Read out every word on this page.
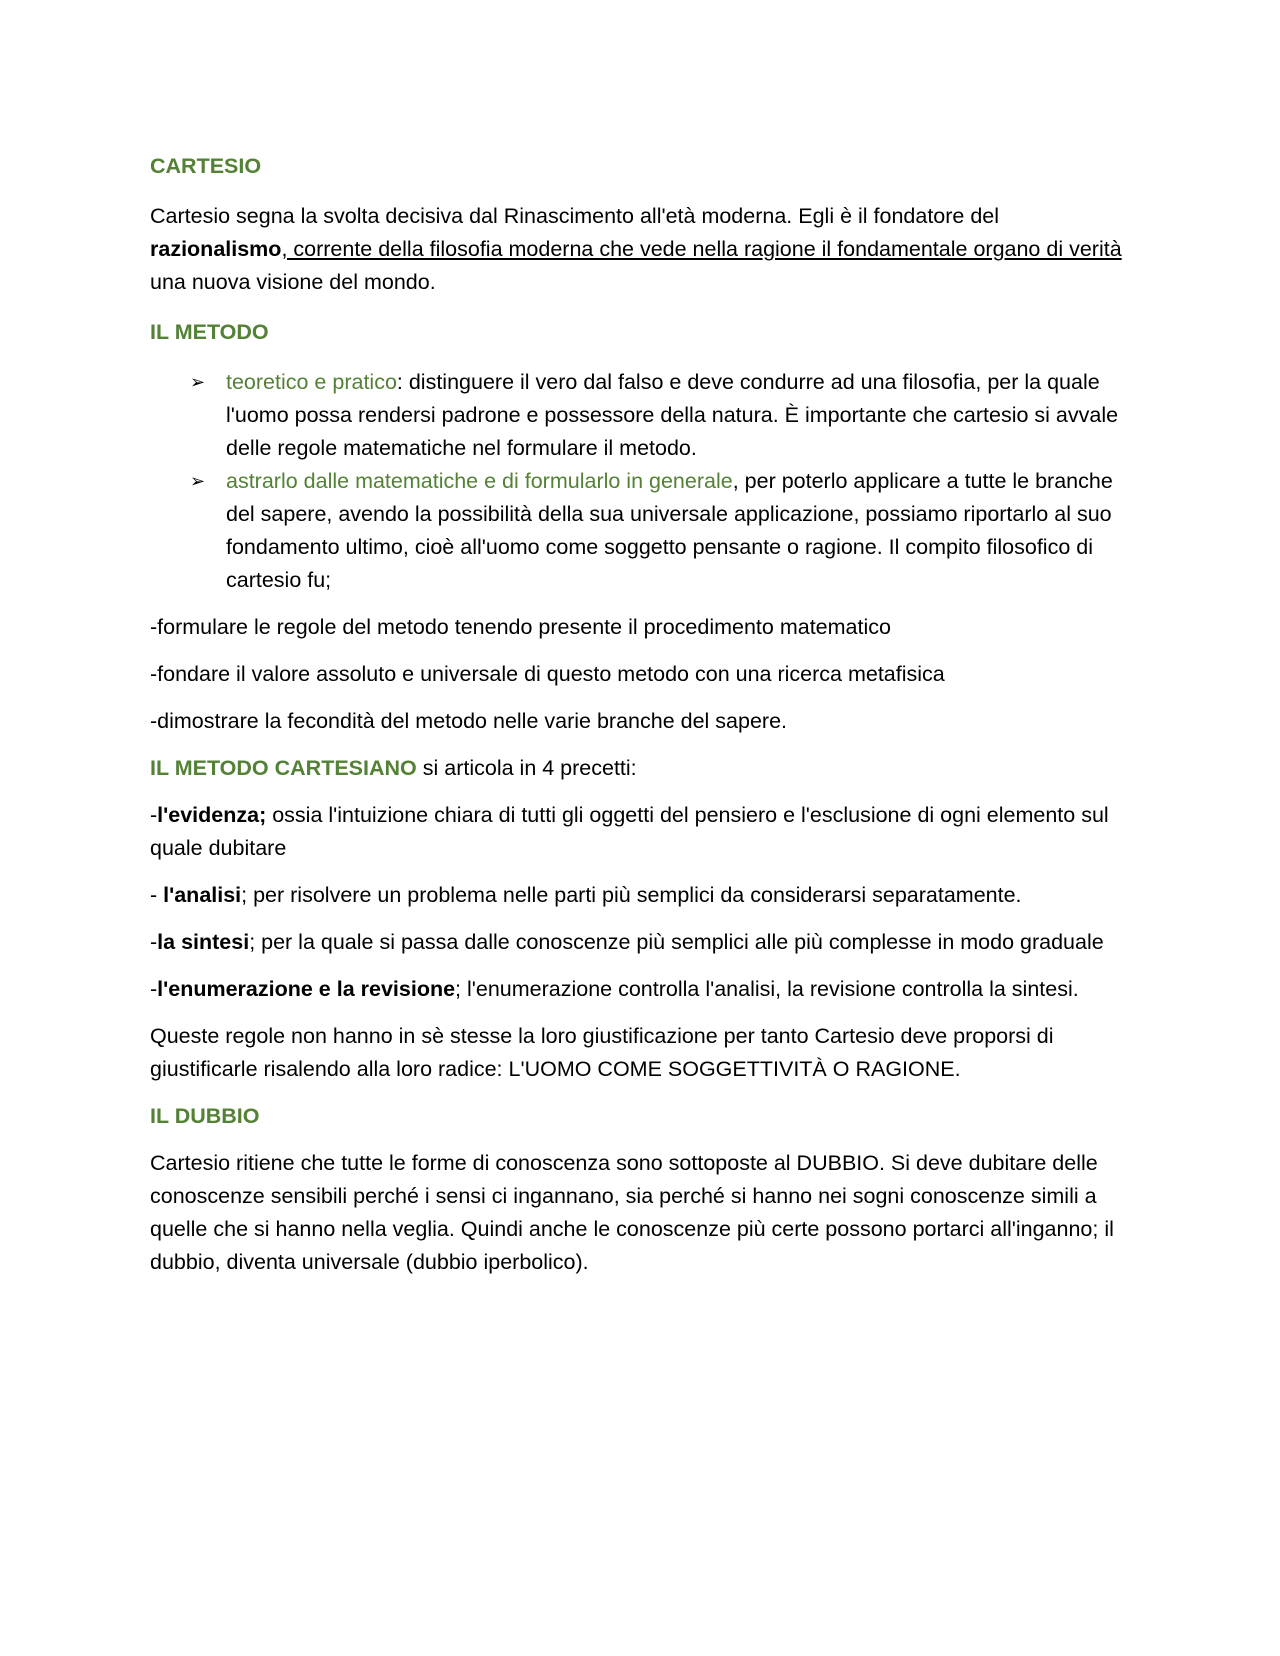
CARTESIO

Cartesio segna la svolta decisiva dal Rinascimento all'età moderna. Egli è il fondatore del razionalismo, corrente della filosofia moderna che vede nella ragione il fondamentale organo di verità una nuova visione del mondo.

IL METODO

➢ teoretico e pratico: distinguere il vero dal falso e deve condurre ad una filosofia, per la quale l'uomo possa rendersi padrone e possessore della natura. È importante che cartesio si avvale delle regole matematiche nel formulare il metodo.
➢ astrarlo dalle matematiche e di formularlo in generale, per poterlo applicare a tutte le branche del sapere, avendo la possibilità della sua universale applicazione, possiamo riportarlo al suo fondamento ultimo, cioè all'uomo come soggetto pensante o ragione. Il compito filosofico di cartesio fu;

-formulare le regole del metodo tenendo presente il procedimento matematico

-fondare il valore assoluto e universale di questo metodo con una ricerca metafisica

-dimostrare la fecondità del metodo nelle varie branche del sapere.

IL METODO CARTESIANO si articola in 4 precetti:

-l'evidenza; ossia l'intuizione chiara di tutti gli oggetti del pensiero e l'esclusione di ogni elemento sul quale dubitare

- l'analisi; per risolvere un problema nelle parti più semplici da considerarsi separatamente.

-la sintesi; per la quale si passa dalle conoscenze più semplici alle più complesse in modo graduale

-l'enumerazione e la revisione; l'enumerazione controlla l'analisi, la revisione controlla la sintesi.

Queste regole non hanno in sè stesse la loro giustificazione per tanto Cartesio deve proporsi di giustificarle risalendo alla loro radice: L'UOMO COME SOGGETTIVITÀ O RAGIONE.

IL DUBBIO

Cartesio ritiene che tutte le forme di conoscenza sono sottoposte al DUBBIO. Si deve dubitare delle conoscenze sensibili perché i sensi ci ingannano, sia perché si hanno nei sogni conoscenze simili a quelle che si hanno nella veglia. Quindi anche le conoscenze più certe possono portarci all'inganno; il dubbio, diventa universale (dubbio iperbolico).
